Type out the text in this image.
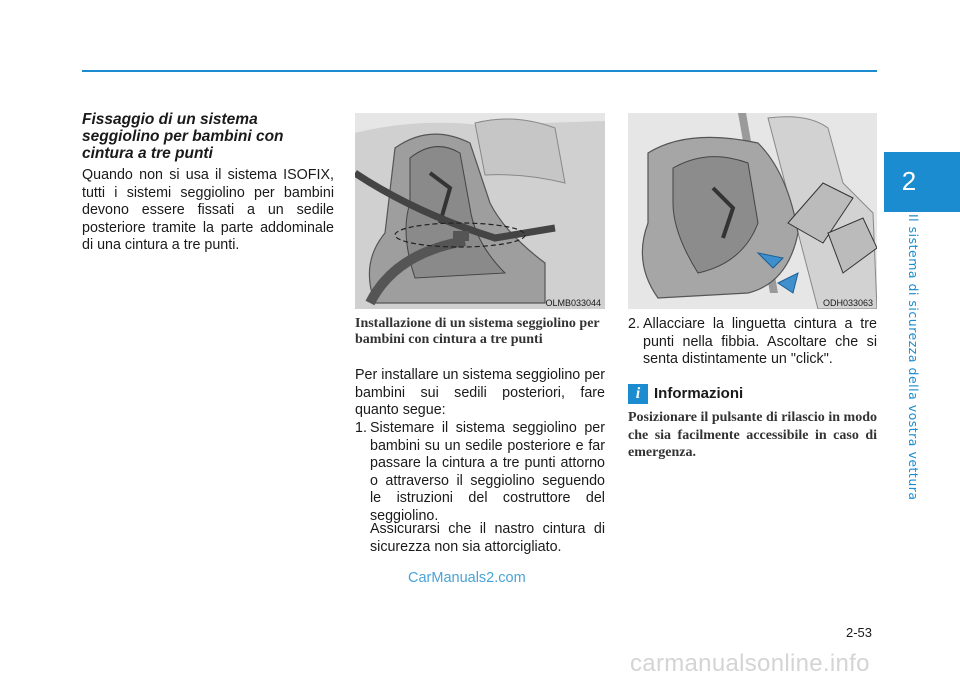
2
Il sistema di sicurezza della vostra vettura
Fissaggio di un sistema seggiolino per bambini con cintura a tre punti
Quando non si usa il sistema ISOFIX, tutti i sistemi seggiolino per bambini devono essere fissati a un sedile posteriore tramite la parte addominale di una cintura a tre punti.
OLMB033044	ODH033063
Installazione di un sistema seggiolino per bambini con cintura a tre punti
Per installare un sistema seggiolino per bambini sui sedili posteriori, fare quanto segue:
1. Sistemare il sistema seggiolino per bambini su un sedile posteriore e far passare la cintura a tre punti attorno o attraverso il seggiolino seguendo le istruzioni del costruttore del seggiolino.
Assicurarsi che il nastro cintura di sicurezza non sia attorcigliato.
2. Allacciare la linguetta cintura a tre punti nella fibbia. Ascoltare che si senta distintamente un "click".
i Informazioni
Posizionare il pulsante di rilascio in modo che sia facilmente accessibile in caso di emergenza.
CarManuals2.com
2-53
carmanualsonline.info
